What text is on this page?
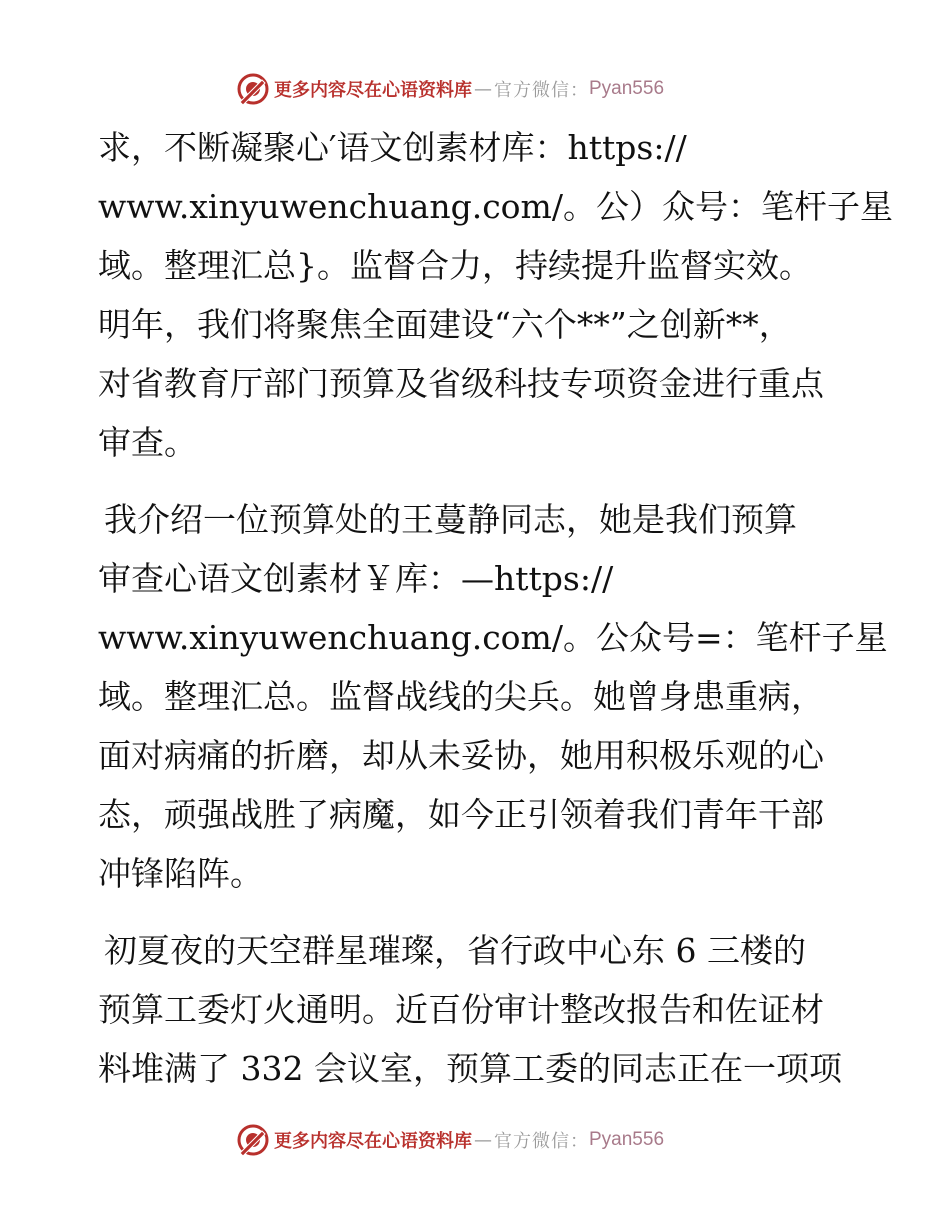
更多内容尽在心语资料库 — 官方微信： Pyan556
求，不断凝聚心′语文创素材库：https://
www.xinyuwenchuang.com/。公）众号：笔杆子星
域。整理汇总}。监督合力，持续提升监督实效。
明年，我们将聚焦全面建设“六个**”之创新**，
对省教育厅部门预算及省级科技专项资金进行重点
审查。
我介绍一位预算处的王蔓静同志，她是我们预算
审查心语文创素材￥库：—https://
www.xinyuwenchuang.com/。公众号=：笔杆子星
域。整理汇总。监督战线的尖兵。她曾身患重病，
面对病痛的折磨，却从未妥协，她用积极乐观的心
态，顽强战胜了病魔，如今正引领着我们青年干部
冲锋陷阵。
初夏夜的天空群星璀璨，省行政中心东 6 三楼的
预算工委灯火通明。近百份审计整改报告和佐证材
料堆满了 332 会议室，预算工委的同志正在一项项
更多内容尽在心语资料库 — 官方微信： Pyan556
